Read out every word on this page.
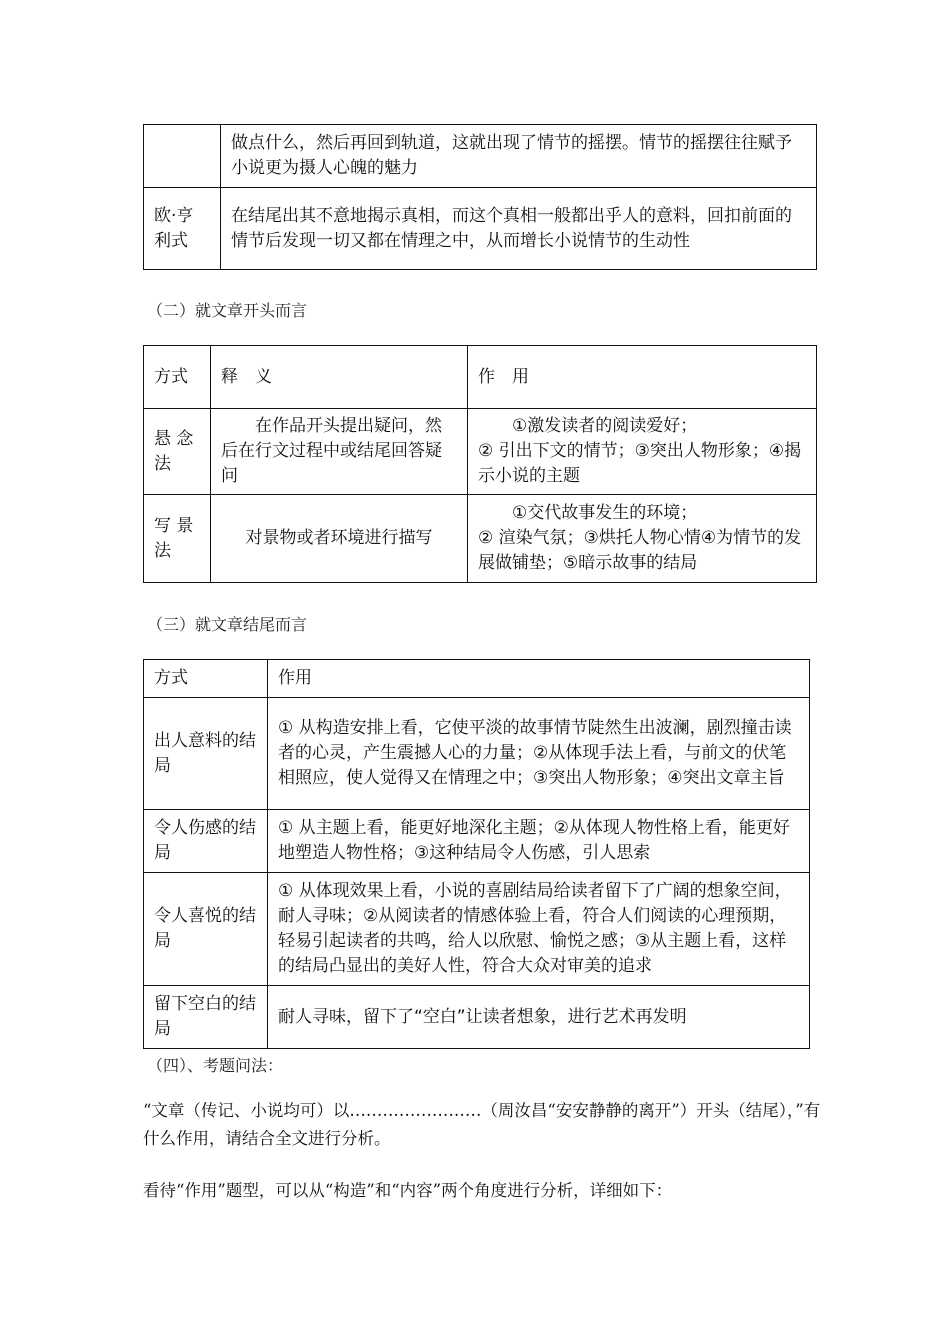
	做点什么，然后再回到轨道，这就出现了情节的摇摆。情节的摇摆往往赋予小说更为摄人心魄的魅力
欧·亨利式	在结尾出其不意地揭示真相，而这个真相一般都出乎人的意料，回扣前面的情节后发现一切又都在情理之中，从而增长小说情节的生动性
（二）就文章开头而言
方式	释　义	作　用
悬 念 法	在作品开头提出疑问，然后在行文过程中或结尾回答疑问	①激发读者的阅读爱好；
② 引出下文的情节；③突出人物形象；④揭示小说的主题
写 景 法	对景物或者环境进行描写	①交代故事发生的环境；
② 渲染气氛；③烘托人物心情④为情节的发展做铺垫；⑤暗示故事的结局
（三）就文章结尾而言
方式	作用
出人意料的结局	① 从构造安排上看，它使平淡的故事情节陡然生出波澜，剧烈撞击读者的心灵，产生震撼人心的力量；②从体现手法上看，与前文的伏笔相照应，使人觉得又在情理之中；③突出人物形象；④突出文章主旨
令人伤感的结局	① 从主题上看，能更好地深化主题；②从体现人物性格上看，能更好地塑造人物性格；③这种结局令人伤感，引人思索
令人喜悦的结局	① 从体现效果上看，小说的喜剧结局给读者留下了广阔的想象空间，耐人寻味；②从阅读者的情感体验上看，符合人们阅读的心理预期，轻易引起读者的共鸣，给人以欣慰、愉悦之感；③从主题上看，这样的结局凸显出的美好人性，符合大众对审美的追求
留下空白的结局	耐人寻味，留下了“空白”让读者想象，进行艺术再发明
（四）、考题问法：
“文章（传记、小说均可）以……………………（周汝昌“安安静静的离开”）开头（结尾），”有什么作用，请结合全文进行分析。
看待“作用”题型，可以从“构造”和“内容”两个角度进行分析，详细如下：
